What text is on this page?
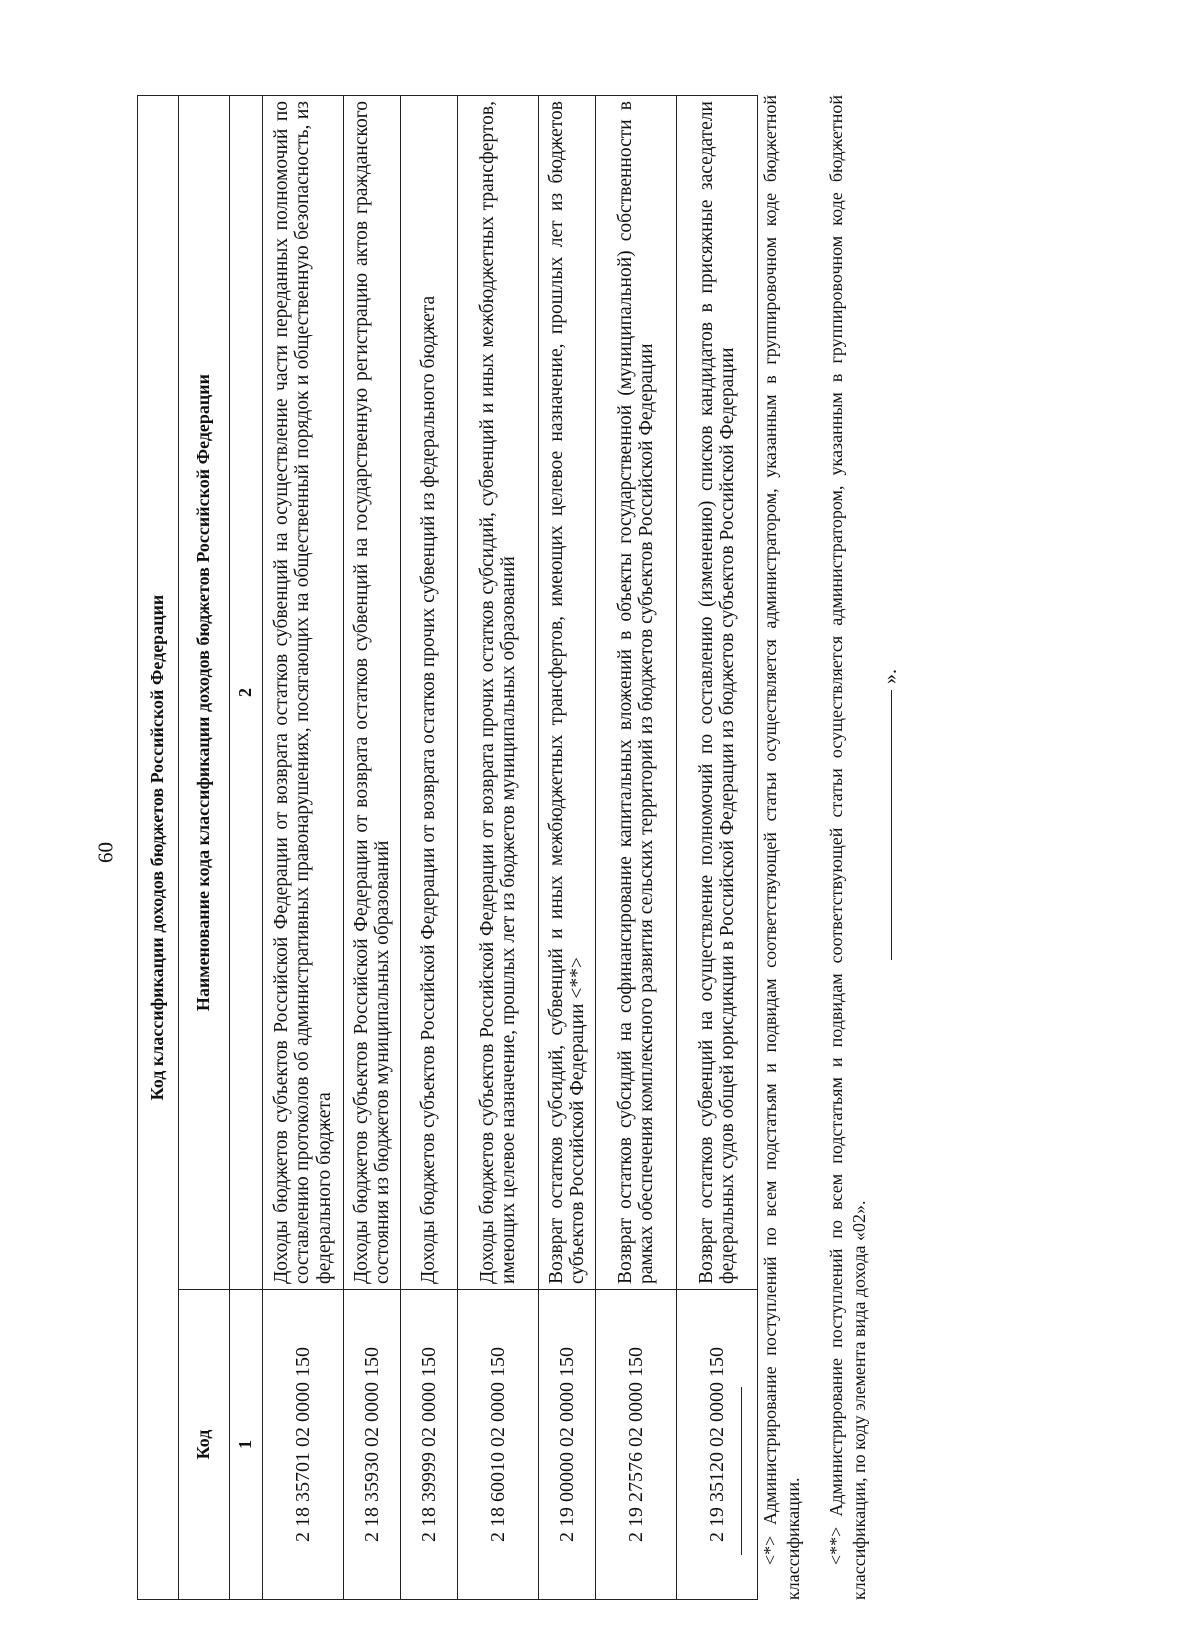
60 Код классификации доходов бюджетов Российской Федерации	
Код	Наименование кода классификации доходов бюджетов Российской Федерации
1	2
2 18 35701 02 0000 150	Доходы бюджетов субъектов Российской Федерации от возврата остатков субвенций на осуществление части переданных полномочий по составлению протоколов об административных правонарушениях, посягающих на общественный порядок и общественную безопасность, из федерального бюджета
2 18 35930 02 0000 150	Доходы бюджетов субъектов Российской Федерации от возврата остатков субвенций на государственную регистрацию актов гражданского состояния из бюджетов муниципальных образований
2 18 39999 02 0000 150	Доходы бюджетов субъектов Российской Федерации от возврата остатков прочих субвенций из федерального бюджета
2 18 60010 02 0000 150	Доходы бюджетов субъектов Российской Федерации от возврата прочих остатков субсидий, субвенций и иных межбюджетных трансфертов, имеющих целевое назначение, прошлых лет из бюджетов муниципальных образований
2 19 00000 02 0000 150	Возврат остатков субсидий, субвенций и иных межбюджетных трансфертов, имеющих целевое назначение, прошлых лет из бюджетов субъектов Российской Федерации <**>
2 19 27576 02 0000 150	Возврат остатков субсидий на софинансирование капитальных вложений в объекты государственной (муниципальной) собственности в рамках обеспечения комплексного развития сельских территорий из бюджетов субъектов Российской Федерации
2 19 35120 02 0000 150	Возврат остатков субвенций на осуществление полномочий по составлению (изменению) списков кандидатов в присяжные заседатели федеральных судов общей юрисдикции в Российской Федерации из бюджетов субъектов Российской Федерации <*> Администрирование поступлений по всем подстатьям и подвидам соответствующей статьи осуществляется администратором, указанным в группировочном коде бюджетной классификации. <**> Администрирование поступлений по всем подстатьям и подвидам соответствующей статьи осуществляется администратором, указанным в группировочном коде бюджетной классификации, по коду элемента вида дохода «02».
».
